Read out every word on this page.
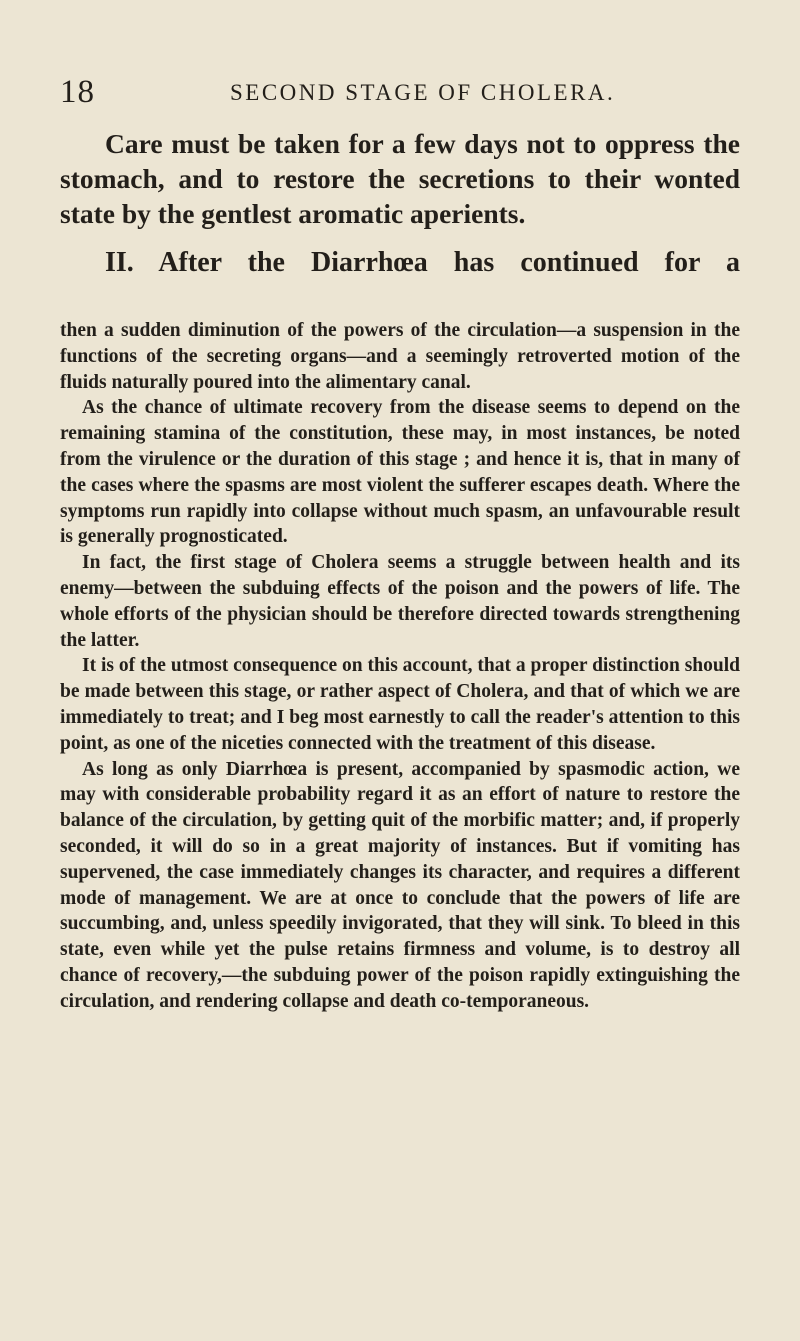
18	SECOND STAGE OF CHOLERA.

Care must be taken for a few days not to oppress the stomach, and to restore the secretions to their wonted state by the gentlest aromatic aperients.

II. After the Diarrhœa has continued for a

then a sudden diminution of the powers of the circulation—a suspension in the functions of the secreting organs—and a seemingly retroverted motion of the fluids naturally poured into the alimentary canal.

As the chance of ultimate recovery from the disease seems to depend on the remaining stamina of the constitution, these may, in most instances, be noted from the virulence or the duration of this stage ; and hence it is, that in many of the cases where the spasms are most violent the sufferer escapes death. Where the symptoms run rapidly into collapse without much spasm, an unfavourable result is generally prognosticated.

In fact, the first stage of Cholera seems a struggle between health and its enemy—between the subduing effects of the poison and the powers of life. The whole efforts of the physician should be therefore directed towards strengthening the latter.

It is of the utmost consequence on this account, that a proper distinction should be made between this stage, or rather aspect of Cholera, and that of which we are immediately to treat; and I beg most earnestly to call the reader's attention to this point, as one of the niceties connected with the treatment of this disease.

As long as only Diarrhœa is present, accompanied by spasmodic action, we may with considerable probability regard it as an effort of nature to restore the balance of the circulation, by getting quit of the morbific matter; and, if properly seconded, it will do so in a great majority of instances. But if vomiting has supervened, the case immediately changes its character, and requires a different mode of management. We are at once to conclude that the powers of life are succumbing, and, unless speedily invigorated, that they will sink. To bleed in this state, even while yet the pulse retains firmness and volume, is to destroy all chance of recovery,—the subduing power of the poison rapidly extinguishing the circulation, and rendering collapse and death co-temporaneous.
